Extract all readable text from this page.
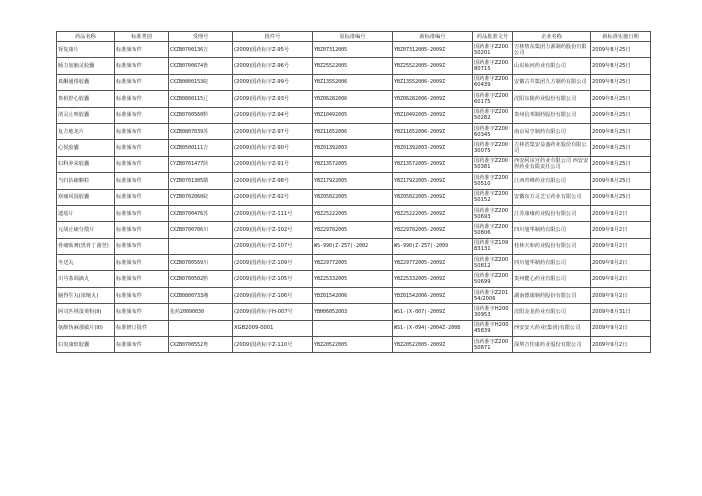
药品名称	标准类别	受理号	批件号	原标准编号	新标准编号	药品批准文号	企业名称	新标准实施日期
肾复康片	标准颁布件	CXZB0700136吉	(2009)国药标字Z-95号	YBZ07312005	YBZ07312005-2009Z	国药准字Z20050201	吉林敖东集团力源制药股份有限公司	2009年8月25日
肠力加脑灵胶囊	标准颁布件	CXZB0700674鲁	(2009)国药标字Z-96号	YBZ25522005	YBZ25522005-2009Z	国药准字Z20080715	山东仙河药业有限公司	2009年8月25日
葛酮通络胶囊	标准颁布件	CXZB0800153皖	(2009)国药标字Z-99号	YBZ13552006	YBZ13552006-2009Z	国药准字Z20060439	安徽古井集团九方制药有限公司	2009年8月25日
参柏舒心胶囊	标准颁布件	CXZB0800115辽	(2009)国药标字Z-93号	YBZ06282006	YBZ06282006-2009Z	国药准字Z20060175	沈阳东陵药业股份有限公司	2009年8月25日
清灵止咳胶囊	标准颁布件	CXZB0700560黔	(2009)国药标字Z-94号	YBZ10492005	YBZ10492005-2009Z	国药准字Z20050282	贵州信邦制药股份有限公司	2009年8月25日
复方地龙片	标准颁布件	CXZB0807039苏	(2009)国药标字Z-97号	YBZ11652006	YBZ11652006-2009Z	国药准字Z20060345	南京易亨制药有限公司	2009年8月25日
心悦胶囊	标准颁布件	CXZB0500111吉	(2009)国药标字Z-90号	YBZ01392003	YBZ01392003-2009Z	国药准字Z20030075	吉林省集安益盛药业股份有限公司	2009年8月25日
妇科养荣胶囊	标准颁布件	CYZB0701477陕	(2009)国药标字Z-91号	YBZ13572005	YBZ13572005-2009Z	国药准字Z20050381	西安阿房宫药业有限公司 西安安得药业有限责任公司	2009年8月25日
当归拈痛颗粒	标准颁布件	CYZB0701305赣	(2009)国药标字Z-98号	YBZ17922005	YBZ17922005-2009Z	国药准字Z20050510	江西青峰药业有限公司	2009年8月25日
寒痛风湿胶囊	标准颁布件	CYZB0702060皖	(2009)国药标字Z-92号	YBZ05022005	YBZ05022005-2009Z	国药准字Z20050152	安徽东方灵芝宝药业有限公司	2009年8月25日
遗瑶片	标准颁布件	CXZB0700476苏	(2009)国药标字Z-111号	YBZ25222005	YBZ25222005-2009Z	国药准字Z20050693	江苏康缘药业股份有限公司	2009年9月2日
元胡止痛分散片	标准颁布件	CXZB0700706川	(2009)国药标字Z-102号	YBZ29702005	YBZ29702005-2009Z	国药准字Z20050806	四川旭华制药有限公司	2009年9月2日
骨痛贴膏(黑骨丁蒲登)	标准颁布件		(2009)国药标字Z-107号	WS-990(Z-257)-2002	WS-990(Z-257)-2009	国药准字Z10983131	桂林天和药业股份有限公司	2009年9月2日
冬送丸	标准颁布件	CXZB0700569川	(2009)国药标字Z-109号	YBZ29772005	YBZ29772005-2009Z	国药准字Z20050812	四川旭华制药有限公司	2009年9月2日
川芎茶调滴丸	标准颁布件	CXZB0700502黔	(2009)国药标字Z-105号	YBZ25332005	YBZ25332005-2009Z	国药准字Z20050699	贵州健心药业有限公司	2009年9月2日
脑得生丸(浓缩丸)	标准颁布件	CXZB0800733湘	(2009)国药标字Z-106号	YBZ01542006	YBZ01542006-2009Z	国药准字Z20154/2006	湖南德康制药股份有限公司	2009年9月2日
阿司匹林蛋黄粉(II)	标准颁布件	化药20090030	(2009)国药标字H-007号	YBH06052003	WS1-(X-007)-2009Z	国药准字H20030953	沈阳金龙药业有限公司	2009年8月31日
氨酚伪麻那敏片(III)	标准修订批件		XGB2009-0001		WS1-(X-094)-2004Z-2008	国药准字H20045839	西安安大药业(集团)有限公司	2009年9月2日
妇炎康软胶囊	标准颁布件	CXZB0700552粤	(2009)国药标字Z-110号	YBZ20522005	YBZ20522005-2009Z	国药准字Z20050871	深圳吉佳康药业股份有限公司	2009年9月2日
